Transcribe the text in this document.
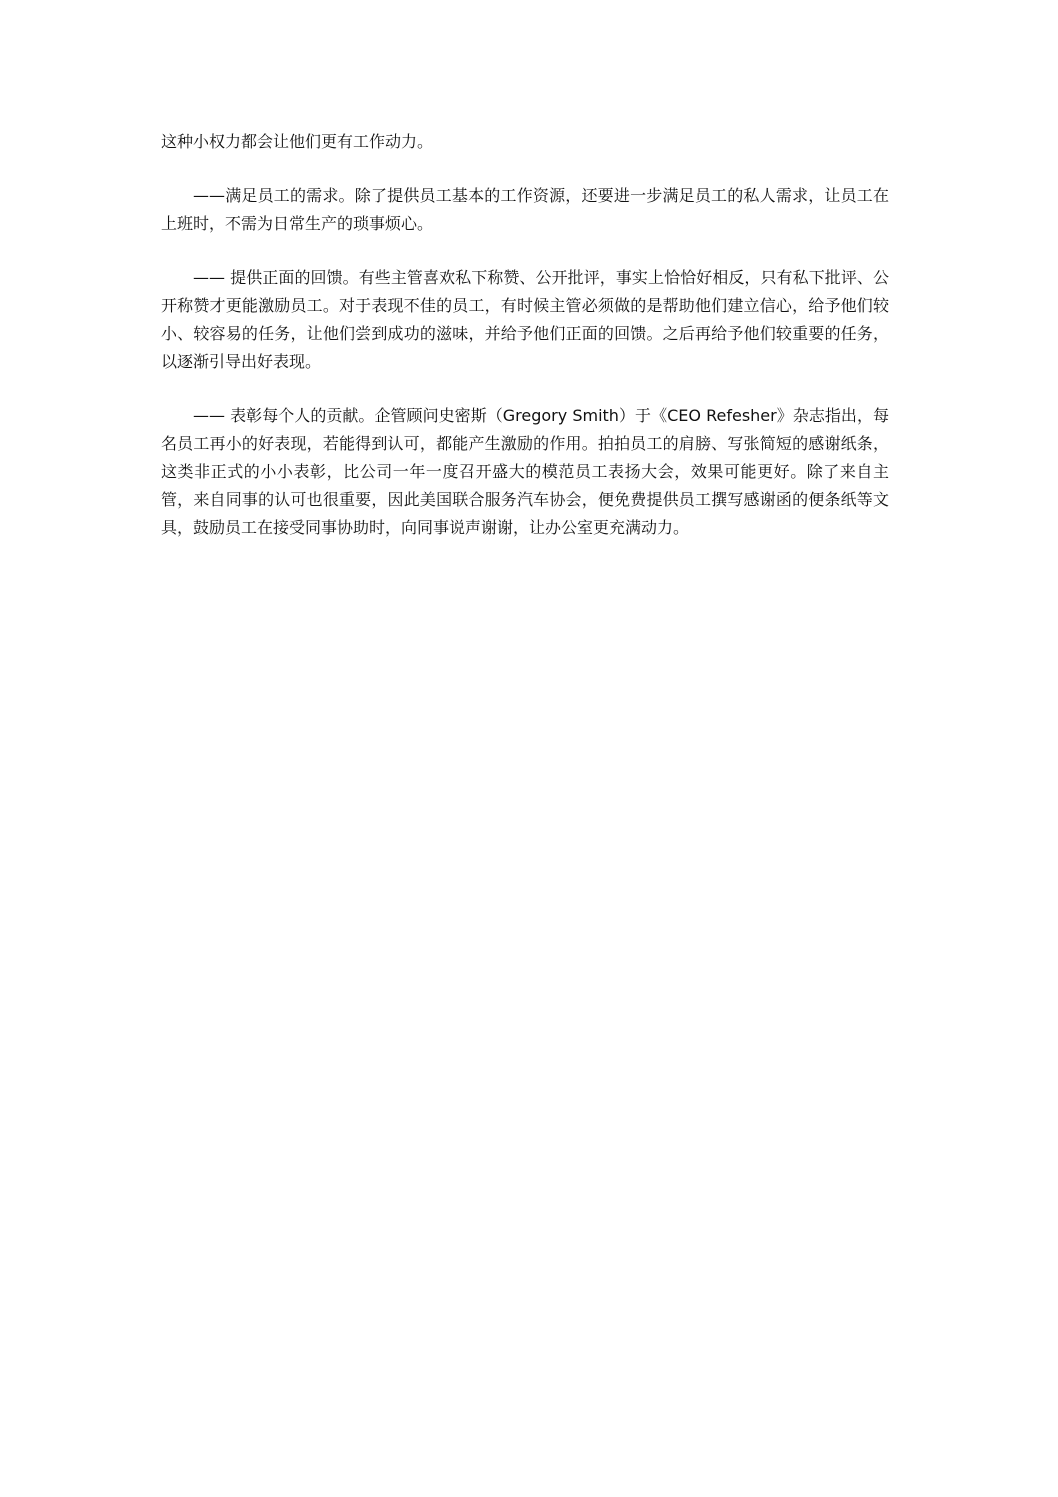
这种小权力都会让他们更有工作动力。

——满足员工的需求。除了提供员工基本的工作资源，还要进一步满足员工的私人需求，让员工在上班时，不需为日常生产的琐事烦心。

—— 提供正面的回馈。有些主管喜欢私下称赞、公开批评，事实上恰恰好相反，只有私下批评、公开称赞才更能激励员工。对于表现不佳的员工，有时候主管必须做的是帮助他们建立信心，给予他们较小、较容易的任务，让他们尝到成功的滋味，并给予他们正面的回馈。之后再给予他们较重要的任务，以逐渐引导出好表现。

—— 表彰每个人的贡献。企管顾问史密斯（Gregory Smith）于《CEO Refesher》杂志指出，每名员工再小的好表现，若能得到认可，都能产生激励的作用。拍拍员工的肩膀、写张简短的感谢纸条，这类非正式的小小表彰，比公司一年一度召开盛大的模范员工表扬大会，效果可能更好。除了来自主管，来自同事的认可也很重要，因此美国联合服务汽车协会，便免费提供员工撰写感谢函的便条纸等文具，鼓励员工在接受同事协助时，向同事说声谢谢，让办公室更充满动力。
